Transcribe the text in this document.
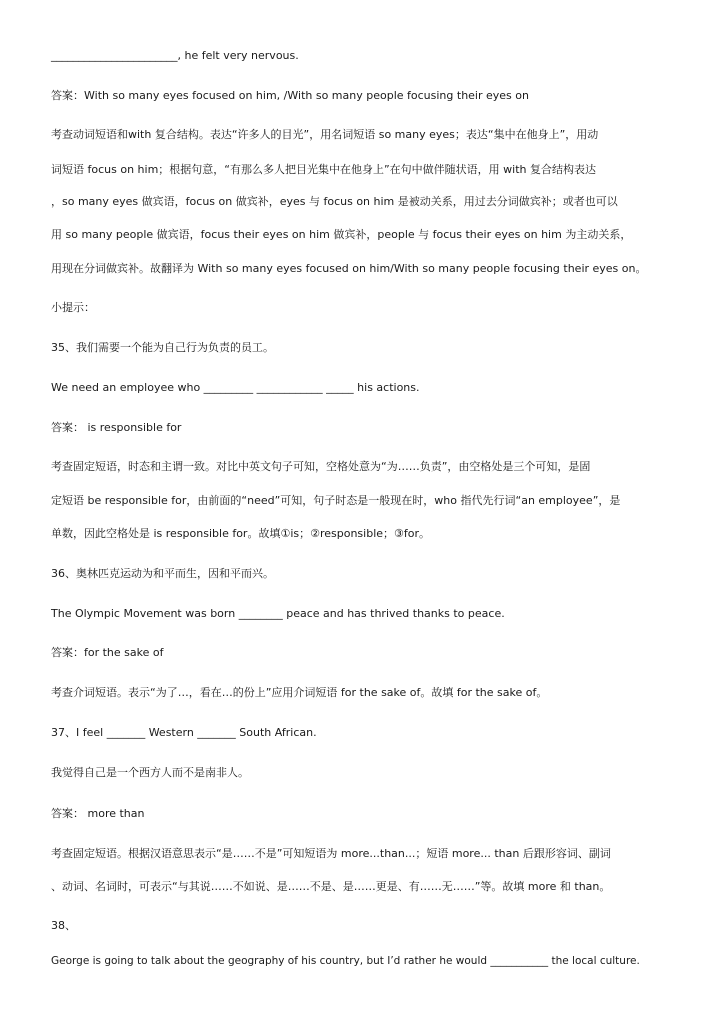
_______________________, he felt very nervous.

答案：With so many eyes focused on him, /With so many people focusing their eyes on

考查动词短语和with 复合结构。表达“许多人的目光”，用名词短语 so many eyes；表达“集中在他身上”，用动

词短语 focus on him；根据句意，“有那么多人把目光集中在他身上”在句中做伴随状语，用 with 复合结构表达

，so many eyes 做宾语，focus on 做宾补，eyes 与 focus on him 是被动关系，用过去分词做宾补；或者也可以

用 so many people 做宾语，focus their eyes on him 做宾补，people 与 focus their eyes on him 为主动关系，

用现在分词做宾补。故翻译为 With so many eyes focused on him/With so many people focusing their eyes on。

小提示：

35、我们需要一个能为自己行为负责的员工。

We need an employee who _________ ____________ _____ his actions.

答案： is responsible for

考查固定短语，时态和主谓一致。对比中英文句子可知，空格处意为“为……负责”，由空格处是三个可知，是固

定短语 be responsible for，由前面的“need”可知，句子时态是一般现在时，who 指代先行词“an employee”，是

单数，因此空格处是 is responsible for。故填①is；②responsible；③for。

36、奥林匹克运动为和平而生，因和平而兴。

The Olympic Movement was born ________ peace and has thrived thanks to peace.

答案：for the sake of

考查介词短语。表示“为了…，看在…的份上”应用介词短语 for the sake of。故填 for the sake of。

37、I feel _______ Western _______ South African.

我觉得自己是一个西方人而不是南非人。

答案： more than

考查固定短语。根据汉语意思表示“是……不是”可知短语为 more...than...；短语 more... than 后跟形容词、副词

、动词、名词时，可表示“与其说……不如说、是……不是、是……更是、有……无……”等。故填 more 和 than。

38、

George is going to talk about the geography of his country, but I’d rather he would ___________ the local culture.
